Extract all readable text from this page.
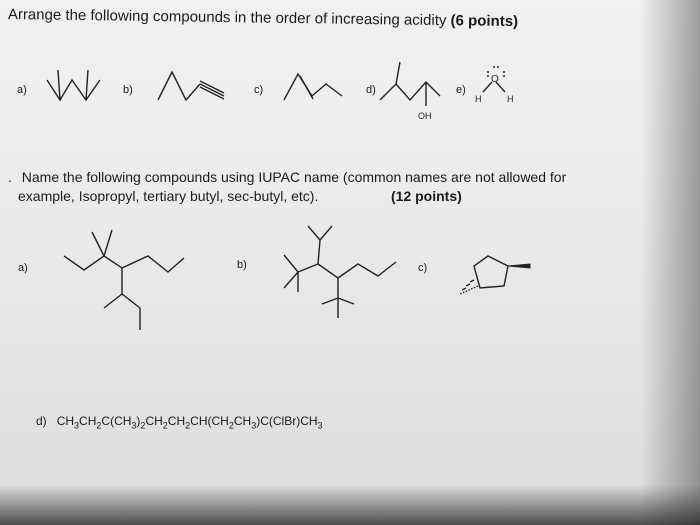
Arrange the following compounds in the order of increasing acidity (6 points)
a)	b)	c)	d)	e)
. Name the following compounds using IUPAC name (common names are not allowed for
example, Isopropyl, tertiary butyl, sec-butyl, etc).	(12 points)
a)	b)	c)
d) $CH_3CH_2C(CH_3)_2CH_2CH_2CH(CH_2CH_3)C(ClBr)CH_3$
OH
H
O
H
